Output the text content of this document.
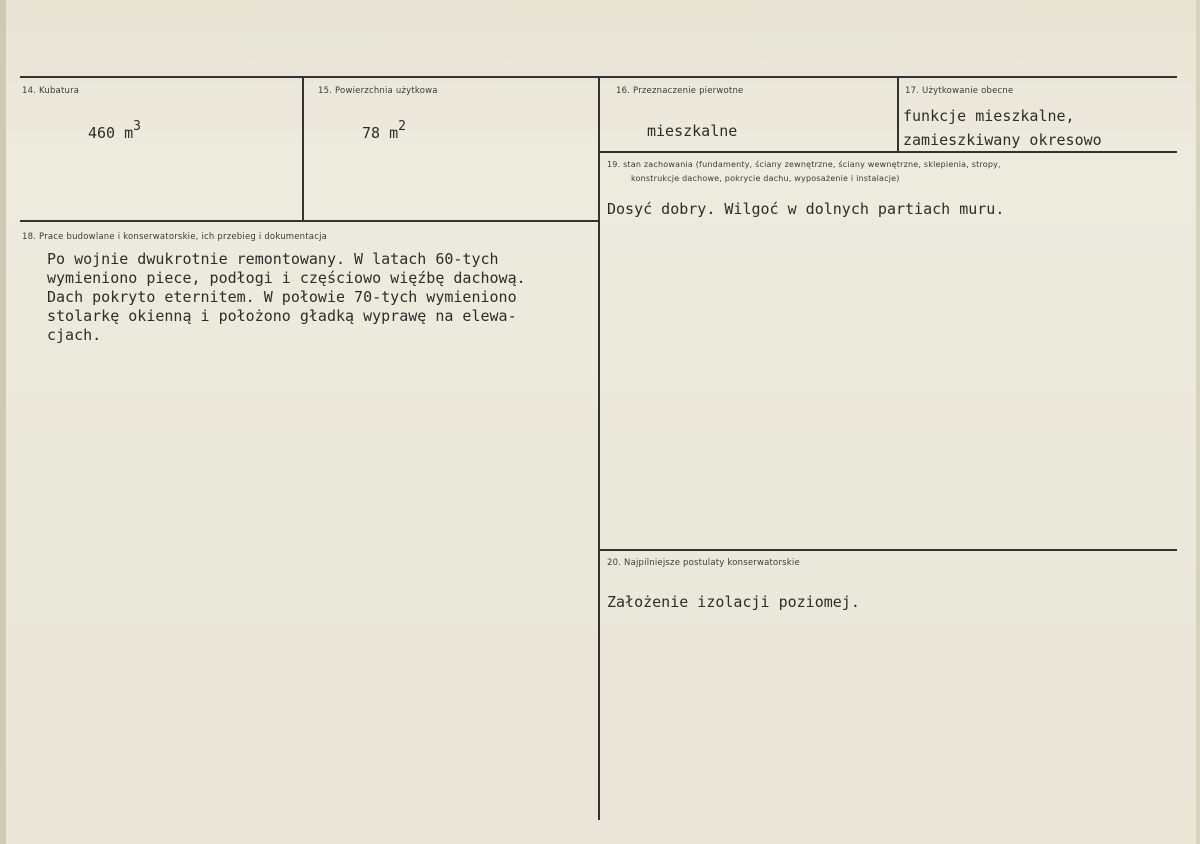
14. Kubatura
460 m3
15. Powierzchnia użytkowa
78 m2
16. Przeznaczenie pierwotne
mieszkalne
17. Użytkowanie obecne
funkcje mieszkalne,
zamieszkiwany okresowo
18. Prace budowlane i konserwatorskie, ich przebieg i dokumentacja
Po wojnie dwukrotnie remontowany. W latach 60-tych
wymieniono piece, podłogi i częściowo więźbę dachową.
Dach pokryto eternitem. W połowie 70-tych wymieniono
stolarkę okienną i położono gładką wyprawę na elewa-
cjach.
19. stan zachowania (fundamenty, ściany zewnętrzne, ściany wewnętrzne, sklepienia, stropy,
konstrukcje dachowe, pokrycie dachu, wyposażenie i instalacje)
Dosyć dobry. Wilgoć w dolnych partiach muru.
20. Najpilniejsze postulaty konserwatorskie
Założenie izolacji poziomej.
